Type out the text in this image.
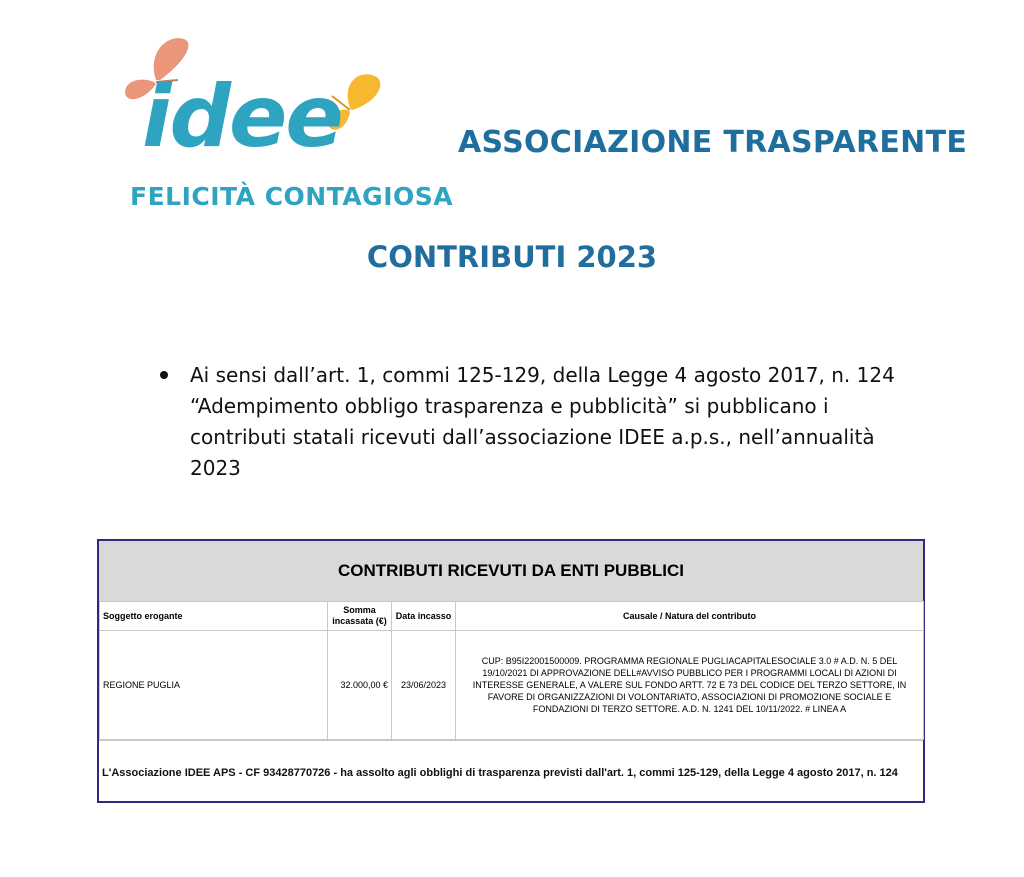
idee
FELICITÀ CONTAGIOSA
ASSOCIAZIONE TRASPARENTE
CONTRIBUTI 2023
Ai sensi dall’art. 1, commi 125-129, della Legge 4 agosto 2017, n. 124 “Adempimento obbligo trasparenza e pubblicità” si pubblicano i contributi statali ricevuti dall’associazione IDEE a.p.s., nell’annualità 2023
CONTRIBUTI RICEVUTI DA ENTI PUBBLICI
Soggetto erogante	Somma incassata (€)	Data incasso	Causale / Natura del contributo
REGIONE PUGLIA	32.000,00 €	23/06/2023	CUP: B95I22001500009. PROGRAMMA REGIONALE PUGLIACAPITALESOCIALE 3.0 # A.D. N. 5 DEL 19/10/2021 DI APPROVAZIONE DELL#AVVISO PUBBLICO PER I PROGRAMMI LOCALI DI AZIONI DI INTERESSE GENERALE, A VALERE SUL FONDO ARTT. 72 E 73 DEL CODICE DEL TERZO SETTORE, IN FAVORE DI ORGANIZZAZIONI DI VOLONTARIATO, ASSOCIAZIONI DI PROMOZIONE SOCIALE E FONDAZIONI DI TERZO SETTORE. A.D. N. 1241 DEL 10/11/2022. # LINEA A
L'Associazione IDEE APS - CF 93428770726 - ha assolto agli obblighi di trasparenza previsti dall'art. 1, commi 125-129, della Legge 4 agosto 2017, n. 124
